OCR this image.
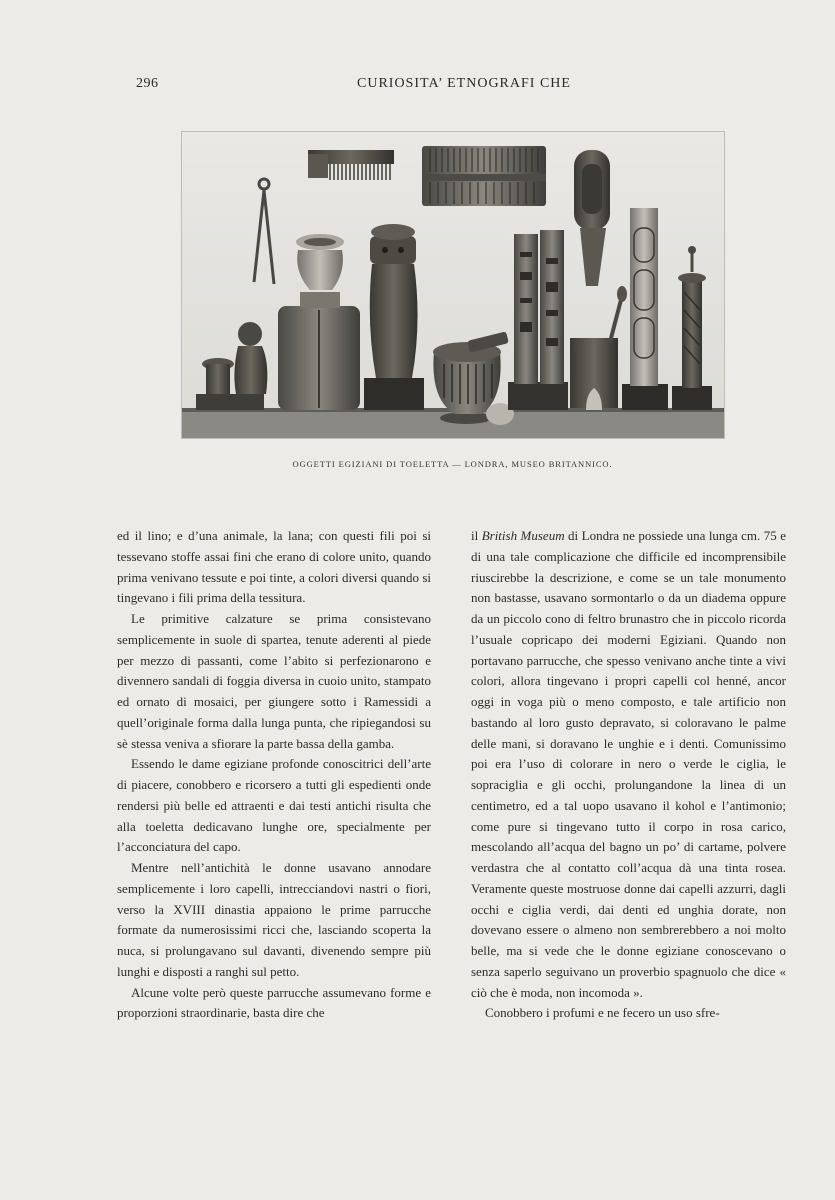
296	CURIOSITA’ ETNOGRAFI CHE
OGGETTI EGIZIANI DI TOELETTA — LONDRA, MUSEO BRITANNICO.

ed il lino; e d’una animale, la lana; con questi fili poi si tessevano stoffe assai fini che erano di colore unito, quando prima venivano tessute e poi tinte, a colori diversi quando si tingevano i fili prima della tessitura.

Le primitive calzature se prima consistevano semplicemente in suole di spartea, tenute aderenti al piede per mezzo di passanti, come l’abito si perfezionarono e divennero sandali di foggia diversa in cuoio unito, stampato ed ornato di mosaici, per giungere sotto i Ramessidi a quell’originale forma dalla lunga punta, che ripiegandosi su sè stessa veniva a sfiorare la parte bassa della gamba.

Essendo le dame egiziane profonde conoscitrici dell’arte di piacere, conobbero e ricorsero a tutti gli espedienti onde rendersi più belle ed attraenti e dai testi antichi risulta che alla toeletta dedicavano lunghe ore, specialmente per l’acconciatura del capo.

Mentre nell’antichità le donne usavano annodare semplicemente i loro capelli, intrecciandovi nastri o fiori, verso la XVIII dinastia appaiono le prime parrucche formate da numerosissimi ricci che, lasciando scoperta la nuca, si prolungavano sul davanti, divenendo sempre più lunghi e disposti a ranghi sul petto.

Alcune volte però queste parrucche assumevano forme e proporzioni straordinarie, basta dire che

il British Museum di Londra ne possiede una lunga cm. 75 e di una tale complicazione che difficile ed incomprensibile riuscirebbe la descrizione, e come se un tale monumento non bastasse, usavano sormontarlo o da un diadema oppure da un piccolo cono di feltro brunastro che in piccolo ricorda l’usuale copricapo dei moderni Egiziani. Quando non portavano parrucche, che spesso venivano anche tinte a vivi colori, allora tingevano i propri capelli col henné, ancor oggi in voga più o meno composto, e tale artificio non bastando al loro gusto depravato, si coloravano le palme delle mani, si doravano le unghie e i denti. Comunissimo poi era l’uso di colorare in nero o verde le ciglia, le sopraciglia e gli occhi, prolungandone la linea di un centimetro, ed a tal uopo usavano il kohol e l’antimonio; come pure si tingevano tutto il corpo in rosa carico, mescolando all’acqua del bagno un po’ di cartame, polvere verdastra che al contatto coll’acqua dà una tinta rosea. Veramente queste mostruose donne dai capelli azzurri, dagli occhi e ciglia verdi, dai denti ed unghia dorate, non dovevano essere o almeno non sembrerebbero a noi molto belle, ma si vede che le donne egiziane conoscevano o senza saperlo seguivano un proverbio spagnuolo che dice « ciò che è moda, non incomoda ».

Conobbero i profumi e ne fecero un uso sfre-
